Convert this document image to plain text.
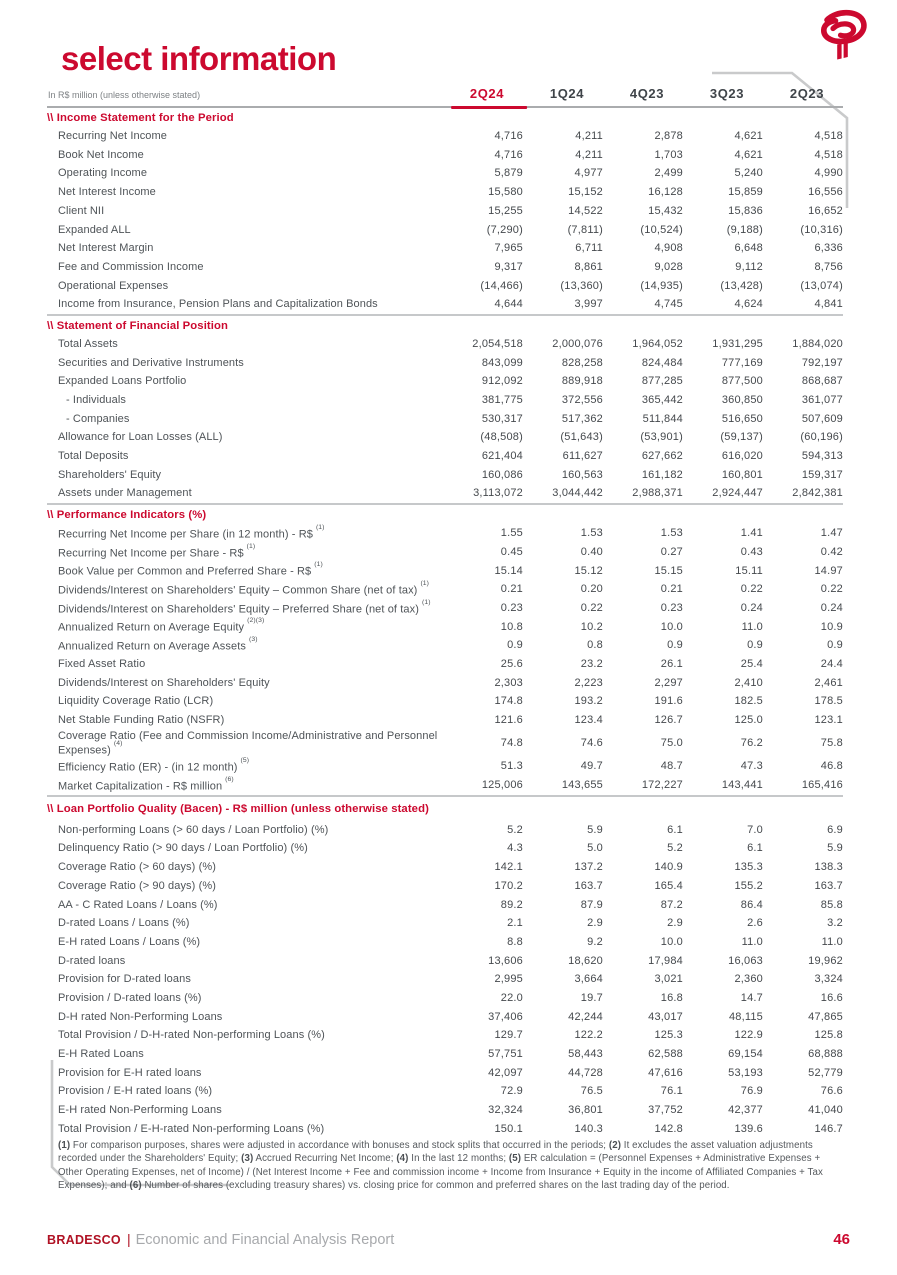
select information
In R$ million (unless otherwise stated)	2Q24	1Q24	4Q23	3Q23	2Q23
\\ Income Statement for the Period
Recurring Net Income	4,716	4,211	2,878	4,621	4,518
Book Net Income	4,716	4,211	1,703	4,621	4,518
Operating Income	5,879	4,977	2,499	5,240	4,990
Net Interest Income	15,580	15,152	16,128	15,859	16,556
Client NII	15,255	14,522	15,432	15,836	16,652
Expanded ALL	(7,290)	(7,811)	(10,524)	(9,188)	(10,316)
Net Interest Margin	7,965	6,711	4,908	6,648	6,336
Fee and Commission Income	9,317	8,861	9,028	9,112	8,756
Operational Expenses	(14,466)	(13,360)	(14,935)	(13,428)	(13,074)
Income from Insurance, Pension Plans and Capitalization Bonds	4,644	3,997	4,745	4,624	4,841
\\ Statement of Financial Position
Total Assets	2,054,518	2,000,076	1,964,052	1,931,295	1,884,020
Securities and Derivative Instruments	843,099	828,258	824,484	777,169	792,197
Expanded Loans Portfolio	912,092	889,918	877,285	877,500	868,687
- Individuals	381,775	372,556	365,442	360,850	361,077
- Companies	530,317	517,362	511,844	516,650	507,609
Allowance for Loan Losses (ALL)	(48,508)	(51,643)	(53,901)	(59,137)	(60,196)
Total Deposits	621,404	611,627	627,662	616,020	594,313
Shareholders' Equity	160,086	160,563	161,182	160,801	159,317
Assets under Management	3,113,072	3,044,442	2,988,371	2,924,447	2,842,381
\\ Performance Indicators (%)
Recurring Net Income per Share (in 12 month) - R$ $^{(1)}$	1.55	1.53	1.53	1.41	1.47
Recurring Net Income per Share - R$ $^{(1)}$	0.45	0.40	0.27	0.43	0.42
Book Value per Common and Preferred Share - R$ $^{(1)}$	15.14	15.12	15.15	15.11	14.97
Dividends/Interest on Shareholders' Equity – Common Share (net of tax) $^{(1)}$	0.21	0.20	0.21	0.22	0.22
Dividends/Interest on Shareholders' Equity – Preferred Share (net of tax) $^{(1)}$	0.23	0.22	0.23	0.24	0.24
Annualized Return on Average Equity $^{(2)(3)}$	10.8	10.2	10.0	11.0	10.9
Annualized Return on Average Assets $^{(3)}$	0.9	0.8	0.9	0.9	0.9
Fixed Asset Ratio	25.6	23.2	26.1	25.4	24.4
Dividends/Interest on Shareholders' Equity	2,303	2,223	2,297	2,410	2,461
Liquidity Coverage Ratio (LCR)	174.8	193.2	191.6	182.5	178.5
Net Stable Funding Ratio (NSFR)	121.6	123.4	126.7	125.0	123.1
Coverage Ratio (Fee and Commission Income/Administrative and Personnel Expenses) $^{(4)}$	74.8	74.6	75.0	76.2	75.8
Efficiency Ratio (ER) - (in 12 month) $^{(5)}$	51.3	49.7	48.7	47.3	46.8
Market Capitalization - R$ million $^{(6)}$	125,006	143,655	172,227	143,441	165,416
\\ Loan Portfolio Quality (Bacen) - R$ million (unless otherwise stated)
Non-performing Loans (> 60 days / Loan Portfolio) (%)	5.2	5.9	6.1	7.0	6.9
Delinquency Ratio (> 90 days / Loan Portfolio) (%)	4.3	5.0	5.2	6.1	5.9
Coverage Ratio (> 60 days) (%)	142.1	137.2	140.9	135.3	138.3
Coverage Ratio (> 90 days) (%)	170.2	163.7	165.4	155.2	163.7
AA - C Rated Loans / Loans (%)	89.2	87.9	87.2	86.4	85.8
D-rated Loans / Loans (%)	2.1	2.9	2.9	2.6	3.2
E-H rated Loans / Loans (%)	8.8	9.2	10.0	11.0	11.0
D-rated loans	13,606	18,620	17,984	16,063	19,962
Provision for D-rated loans	2,995	3,664	3,021	2,360	3,324
Provision / D-rated loans (%)	22.0	19.7	16.8	14.7	16.6
D-H rated Non-Performing Loans	37,406	42,244	43,017	48,115	47,865
Total Provision / D-H-rated Non-performing Loans (%)	129.7	122.2	125.3	122.9	125.8
E-H Rated Loans	57,751	58,443	62,588	69,154	68,888
Provision for E-H rated loans	42,097	44,728	47,616	53,193	52,779
Provision / E-H rated loans (%)	72.9	76.5	76.1	76.9	76.6
E-H rated Non-Performing Loans	32,324	36,801	37,752	42,377	41,040
Total Provision / E-H-rated Non-performing Loans (%)	150.1	140.3	142.8	139.6	146.7
(1) For comparison purposes, shares were adjusted in accordance with bonuses and stock splits that occurred in the periods; (2) It excludes the asset valuation adjustments recorded under the Shareholders' Equity; (3) Accrued Recurring Net Income; (4) In the last 12 months; (5) ER calculation = (Personnel Expenses + Administrative Expenses + Other Operating Expenses, net of Income) / (Net Interest Income + Fee and commission income + Income from Insurance + Equity in the income of Affiliated Companies + Tax Expenses); and (6) Number of shares (excluding treasury shares) vs. closing price for common and preferred shares on the last trading day of the period.
BRADESCO | Economic and Financial Analysis Report	46
